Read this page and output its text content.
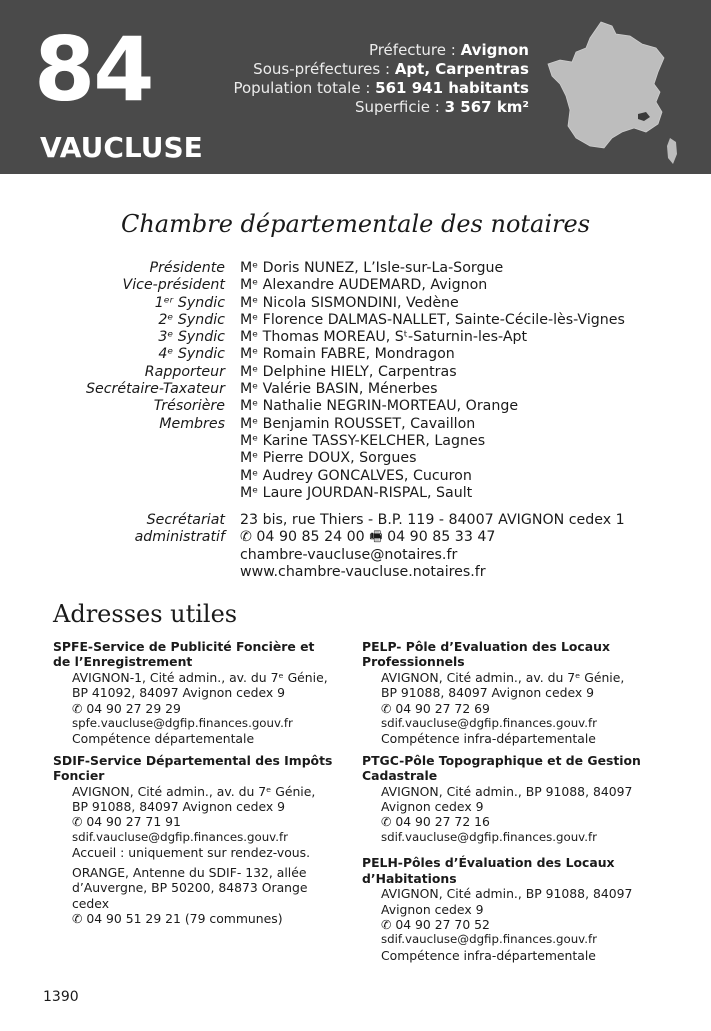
84
VAUCLUSE
Préfecture : Avignon
Sous-préfectures : Apt, Carpentras
Population totale : 561 941 habitants
Superficie : 3 567 km²
Chambre départementale des notaires
Présidente	Mᵉ Doris NUNEZ, L’Isle-sur-La-Sorgue
Vice-président	Mᵉ Alexandre AUDEMARD, Avignon
1ᵉʳ Syndic	Mᵉ Nicola SISMONDINI, Vedène
2ᵉ Syndic	Mᵉ Florence DALMAS-NALLET, Sainte-Cécile-lès-Vignes
3ᵉ Syndic	Mᵉ Thomas MOREAU, Sᵗ-Saturnin-les-Apt
4ᵉ Syndic	Mᵉ Romain FABRE, Mondragon
Rapporteur	Mᵉ Delphine HIELY, Carpentras
Secrétaire-Taxateur	Mᵉ Valérie BASIN, Ménerbes
Trésorière	Mᵉ Nathalie NEGRIN-MORTEAU, Orange
Membres	Mᵉ Benjamin ROUSSET, Cavaillon
Mᵉ Karine TASSY-KELCHER, Lagnes
Mᵉ Pierre DOUX, Sorgues
Mᵉ Audrey GONCALVES, Cucuron
Mᵉ Laure JOURDAN-RISPAL, Sault
Secrétariat	23 bis, rue Thiers - B.P. 119 - 84007 AVIGNON cedex 1
administratif	✆ 04 90 85 24 00 🖷 04 90 85 33 47
chambre-vaucluse@notaires.fr
www.chambre-vaucluse.notaires.fr
Adresses utiles
SPFE-Service de Publicité Foncière et de l’Enregistrement
AVIGNON-1, Cité admin., av. du 7ᵉ Génie, BP 41092, 84097 Avignon cedex 9
✆ 04 90 27 29 29
spfe.vaucluse@dgfip.finances.gouv.fr
Compétence départementale
SDIF-Service Départemental des Impôts Foncier
AVIGNON, Cité admin., av. du 7ᵉ Génie, BP 91088, 84097 Avignon cedex 9
✆ 04 90 27 71 91
sdif.vaucluse@dgfip.finances.gouv.fr
Accueil : uniquement sur rendez-vous.
ORANGE, Antenne du SDIF- 132, allée d’Auvergne, BP 50200, 84873 Orange cedex
✆ 04 90 51 29 21 (79 communes)
PELP- Pôle d’Evaluation des Locaux Professionnels
AVIGNON, Cité admin., av. du 7ᵉ Génie, BP 91088, 84097 Avignon cedex 9
✆ 04 90 27 72 69
sdif.vaucluse@dgfip.finances.gouv.fr
Compétence infra-départementale
PTGC-Pôle Topographique et de Gestion Cadastrale
AVIGNON, Cité admin., BP 91088, 84097 Avignon cedex 9
✆ 04 90 27 72 16
sdif.vaucluse@dgfip.finances.gouv.fr
PELH-Pôles d’Évaluation des Locaux d’Habitations
AVIGNON, Cité admin., BP 91088, 84097 Avignon cedex 9
✆ 04 90 27 70 52
sdif.vaucluse@dgfip.finances.gouv.fr
Compétence infra-départementale
1390
